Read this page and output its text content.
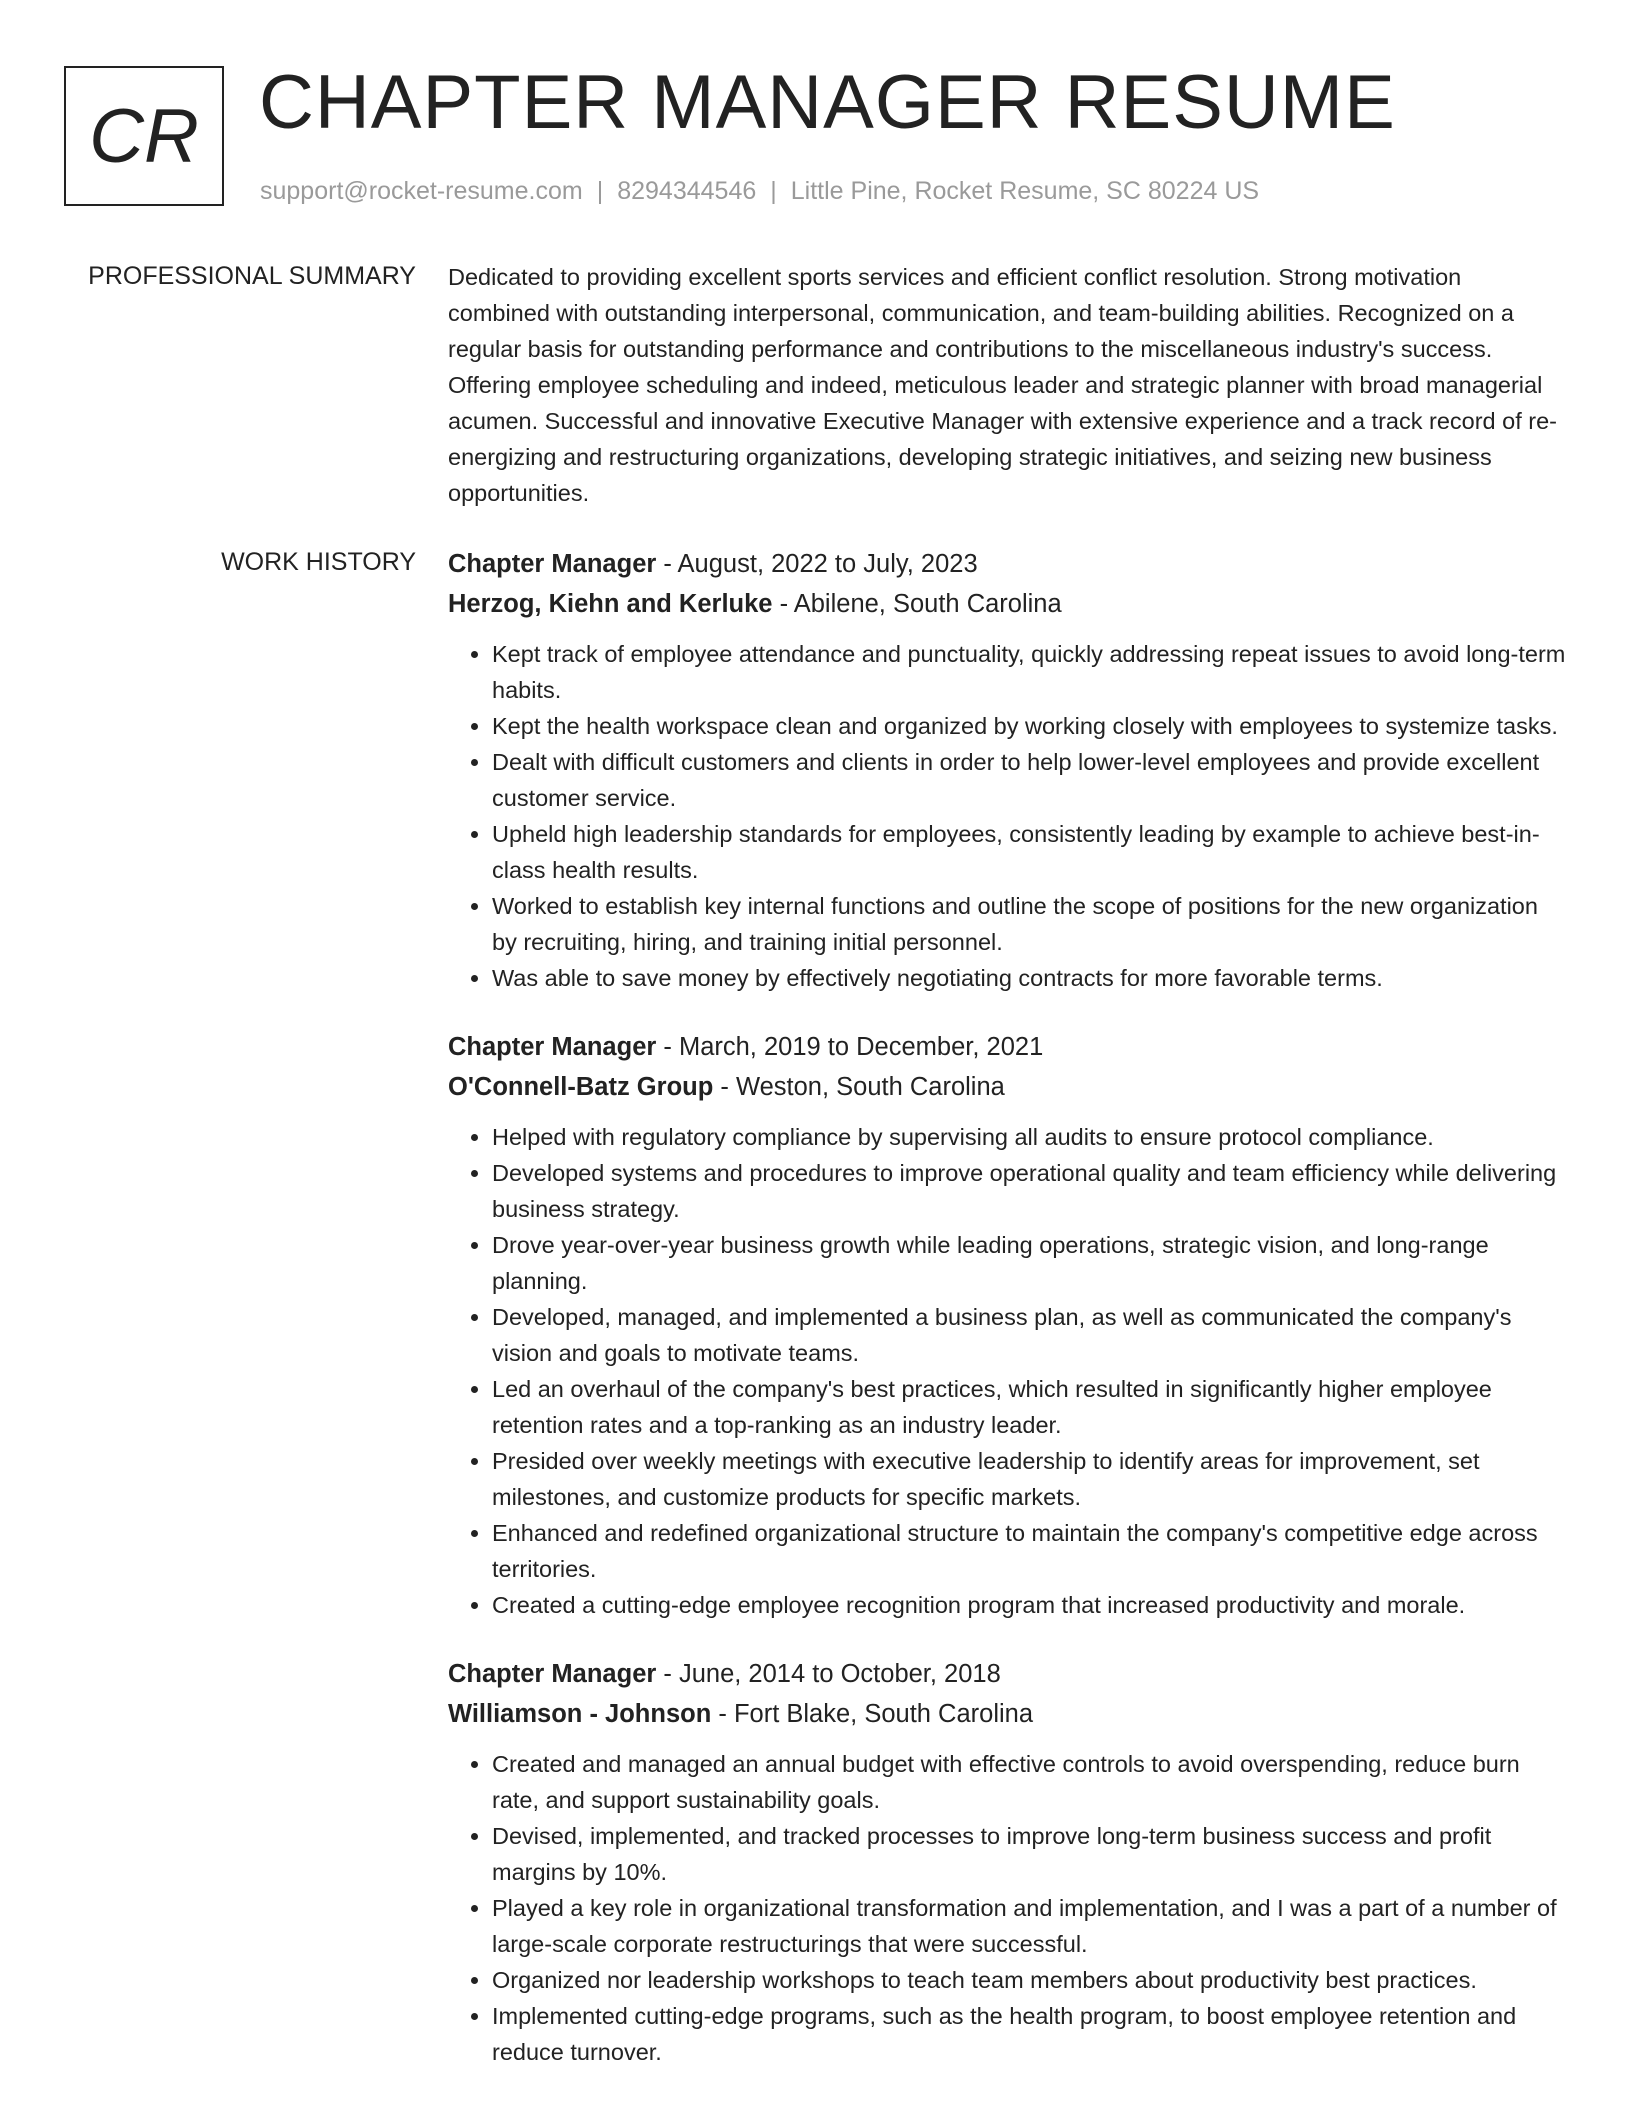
CR CHAPTER MANAGER RESUME
support@rocket-resume.com | 8294344546 | Little Pine, Rocket Resume, SC 80224 US
PROFESSIONAL SUMMARY Dedicated to providing excellent sports services and efficient conflict resolution. Strong motivation combined with outstanding interpersonal, communication, and team-building abilities. Recognized on a regular basis for outstanding performance and contributions to the miscellaneous industry's success. Offering employee scheduling and indeed, meticulous leader and strategic planner with broad managerial acumen. Successful and innovative Executive Manager with extensive experience and a track record of re-energizing and restructuring organizations, developing strategic initiatives, and seizing new business opportunities.

WORK HISTORY Chapter Manager - August, 2022 to July, 2023
Herzog, Kiehn and Kerluke - Abilene, South Carolina
• Kept track of employee attendance and punctuality, quickly addressing repeat issues to avoid long-term habits.
• Kept the health workspace clean and organized by working closely with employees to systemize tasks.
• Dealt with difficult customers and clients in order to help lower-level employees and provide excellent customer service.
• Upheld high leadership standards for employees, consistently leading by example to achieve best-in-class health results.
• Worked to establish key internal functions and outline the scope of positions for the new organization by recruiting, hiring, and training initial personnel.
• Was able to save money by effectively negotiating contracts for more favorable terms.
Chapter Manager - March, 2019 to December, 2021
O'Connell-Batz Group - Weston, South Carolina
• Helped with regulatory compliance by supervising all audits to ensure protocol compliance.
• Developed systems and procedures to improve operational quality and team efficiency while delivering business strategy.
• Drove year-over-year business growth while leading operations, strategic vision, and long-range planning.
• Developed, managed, and implemented a business plan, as well as communicated the company's vision and goals to motivate teams.
• Led an overhaul of the company's best practices, which resulted in significantly higher employee retention rates and a top-ranking as an industry leader.
• Presided over weekly meetings with executive leadership to identify areas for improvement, set milestones, and customize products for specific markets.
• Enhanced and redefined organizational structure to maintain the company's competitive edge across territories.
• Created a cutting-edge employee recognition program that increased productivity and morale.
Chapter Manager - June, 2014 to October, 2018
Williamson - Johnson - Fort Blake, South Carolina
• Created and managed an annual budget with effective controls to avoid overspending, reduce burn rate, and support sustainability goals.
• Devised, implemented, and tracked processes to improve long-term business success and profit margins by 10%.
• Played a key role in organizational transformation and implementation, and I was a part of a number of large-scale corporate restructurings that were successful.
• Organized nor leadership workshops to teach team members about productivity best practices.
• Implemented cutting-edge programs, such as the health program, to boost employee retention and reduce turnover.
